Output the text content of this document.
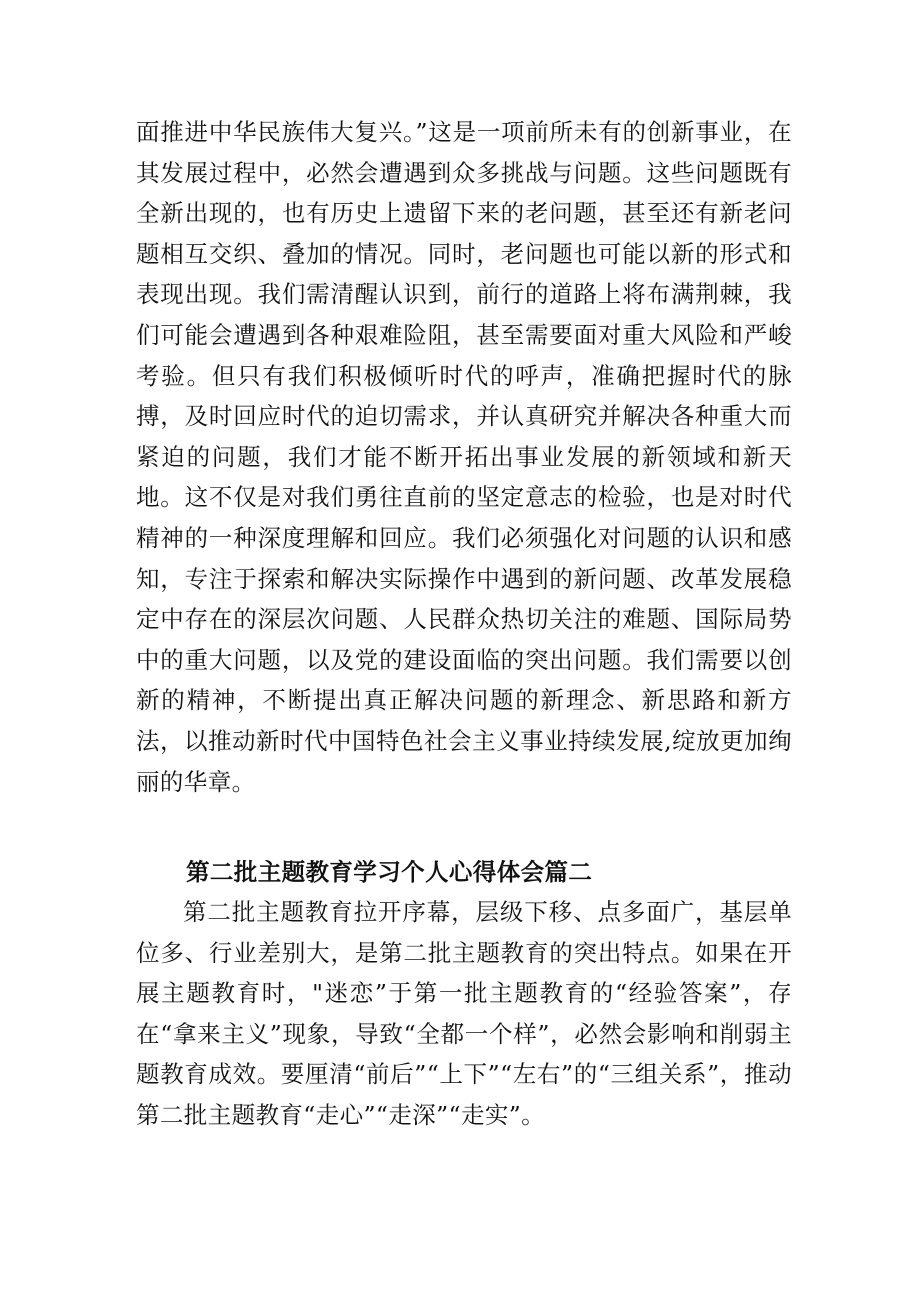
面推进中华民族伟大复兴。”这是一项前所未有的创新事业，在其发展过程中，必然会遭遇到众多挑战与问题。这些问题既有全新出现的，也有历史上遗留下来的老问题，甚至还有新老问题相互交织、叠加的情况。同时，老问题也可能以新的形式和表现出现。我们需清醒认识到，前行的道路上将布满荆棘，我们可能会遭遇到各种艰难险阻，甚至需要面对重大风险和严峻考验。但只有我们积极倾听时代的呼声，准确把握时代的脉搏，及时回应时代的迫切需求，并认真研究并解决各种重大而紧迫的问题，我们才能不断开拓出事业发展的新领域和新天地。这不仅是对我们勇往直前的坚定意志的检验，也是对时代精神的一种深度理解和回应。我们必须强化对问题的认识和感知，专注于探索和解决实际操作中遇到的新问题、改革发展稳定中存在的深层次问题、人民群众热切关注的难题、国际局势中的重大问题，以及党的建设面临的突出问题。我们需要以创新的精神，不断提出真正解决问题的新理念、新思路和新方法，以推动新时代中国特色社会主义事业持续发展,绽放更加绚丽的华章。

第二批主题教育学习个人心得体会篇二

第二批主题教育拉开序幕，层级下移、点多面广，基层单位多、行业差别大，是第二批主题教育的突出特点。如果在开展主题教育时，"迷恋”于第一批主题教育的“经验答案”，存在“拿来主义”现象，导致“全都一个样”，必然会影响和削弱主题教育成效。要厘清“前后”“上下”“左右”的“三组关系”，推动第二批主题教育“走心”“走深”“走实”。
